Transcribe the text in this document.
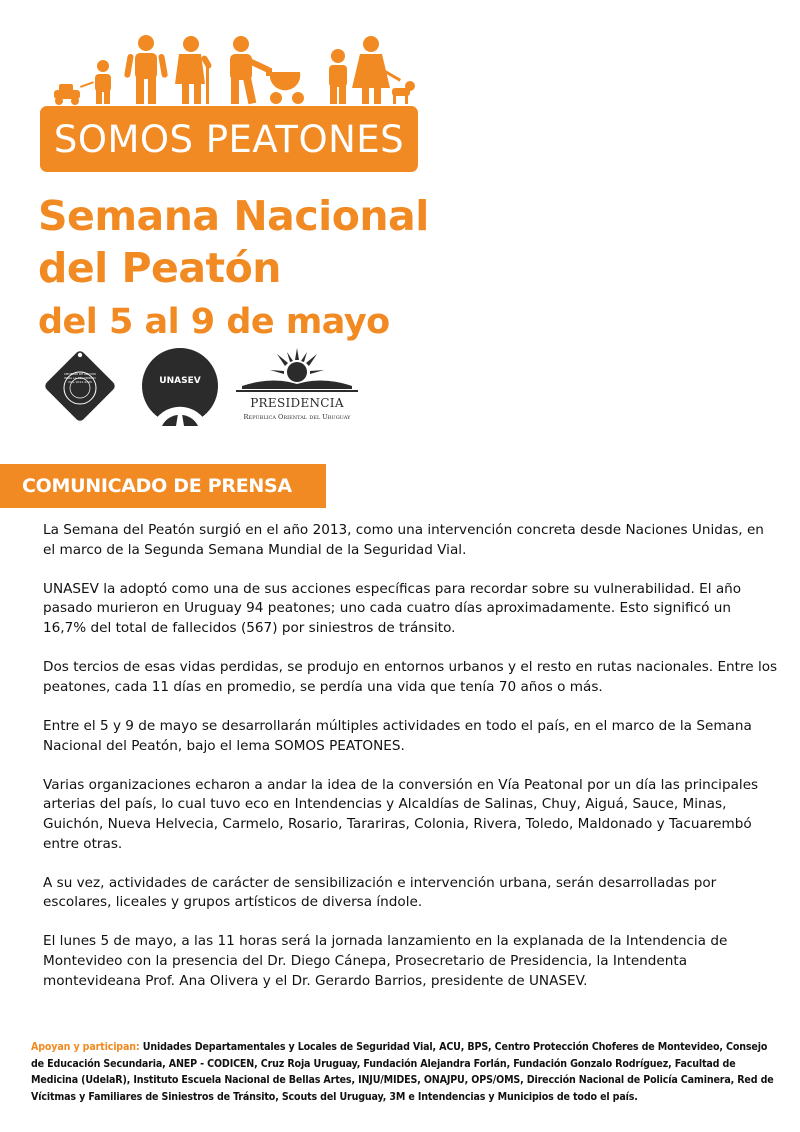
SOMOS PEATONES
Semana Nacional
del Peatón
del 5 al 9 de mayo
DECENIO DE ACCIÓN PARA LA SEGURIDAD VIAL 2011-2020	UNASEV
PRESIDENCIA
República Oriental del Uruguay
COMUNICADO DE PRENSA

La Semana del Peatón surgió en el año 2013, como una intervención concreta desde Naciones Unidas, en el marco de la Segunda Semana Mundial de la Seguridad Vial.

UNASEV la adoptó como una de sus acciones específicas para recordar sobre su vulnerabilidad. El año pasado murieron en Uruguay 94 peatones; uno cada cuatro días aproximadamente. Esto significó un 16,7% del total de fallecidos (567) por siniestros de tránsito.

Dos tercios de esas vidas perdidas, se produjo en entornos urbanos y el resto en rutas nacionales. Entre los peatones, cada 11 días en promedio, se perdía una vida que tenía 70 años o más.

Entre el 5 y 9 de mayo se desarrollarán múltiples actividades en todo el país, en el marco de la Semana Nacional del Peatón, bajo el lema SOMOS PEATONES.

Varias organizaciones echaron a andar la idea de la conversión en Vía Peatonal por un día las principales arterias del país, lo cual tuvo eco en Intendencias y Alcaldías de Salinas, Chuy, Aiguá, Sauce, Minas, Guichón, Nueva Helvecia, Carmelo, Rosario, Tarariras, Colonia, Rivera, Toledo, Maldonado y Tacuarembó entre otras.

A su vez, actividades de carácter de sensibilización e intervención urbana, serán desarrolladas por escolares, liceales y grupos artísticos de diversa índole.

El lunes 5 de mayo, a las 11 horas será la jornada lanzamiento en la explanada de la Intendencia de Montevideo con la presencia del Dr. Diego Cánepa, Prosecretario de Presidencia, la Intendenta montevideana Prof. Ana Olivera y el Dr. Gerardo Barrios, presidente de UNASEV.

Apoyan y participan: Unidades Departamentales y Locales de Seguridad Vial, ACU, BPS, Centro Protección Choferes de Montevideo, Consejo de Educación Secundaria, ANEP - CODICEN, Cruz Roja Uruguay, Fundación Alejandra Forlán, Fundación Gonzalo Rodríguez, Facultad de Medicina (UdelaR), Instituto Escuela Nacional de Bellas Artes, INJU/MIDES, ONAJPU, OPS/OMS, Dirección Nacional de Policía Caminera, Red de Vícitmas y Familiares de Siniestros de Tránsito, Scouts del Uruguay, 3M e Intendencias y Municipios de todo el país.
